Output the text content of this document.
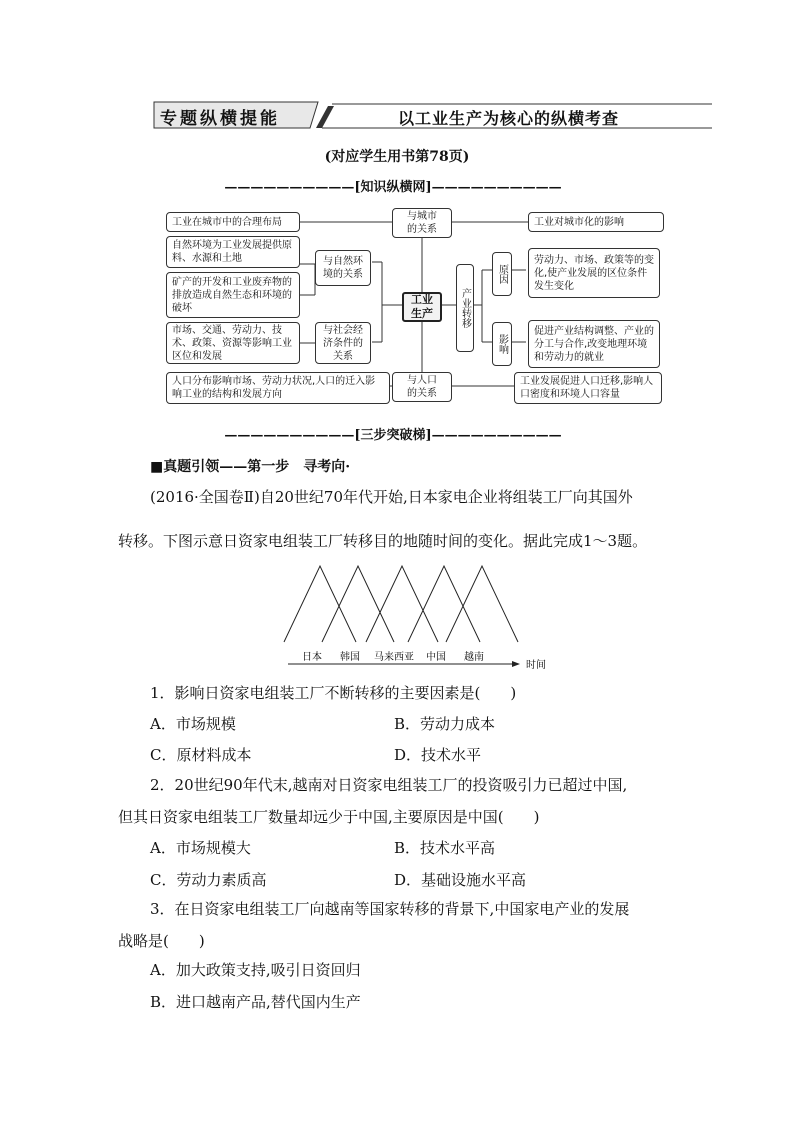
专题纵横提能	以工业生产为核心的纵横考查
(对应学生用书第78页)
——————————[知识纵横网]——————————
工业在城市中的合理布局	与城市
的关系
工业对城市化的影响
自然环境为工业发展提供原料、水源和土地
矿产的开发和工业废弃物的排放造成自然生态和环境的破坏
与自然环
境的关系
工业
生产
市场、交通、劳动力、技术、政策、资源等影响工业区位和发展
与社会经
济条件的
关系
产业转移
原因
劳动力、市场、政策等的变化,使产业发展的区位条件发生变化
影响
促进产业结构调整、产业的分工与合作,改变地理环境和劳动力的就业
人口分布影响市场、劳动力状况,人口的迁入影响工业的结构和发展方向
与人口
的关系
工业发展促进人口迁移,影响人口密度和环境人口容量
——————————[三步突破梯]——————————
■真题引领——第一步　寻考向·
(2016·全国卷Ⅱ)自20世纪70年代开始,日本家电企业将组装工厂向其国外
转移。下图示意日资家电组装工厂转移目的地随时间的变化。据此完成1～3题。
日本 韩国 马来西亚 中国 越南
时间
1．影响日资家电组装工厂不断转移的主要因素是(　　)
A．市场规模	B．劳动力成本
C．原材料成本	D．技术水平
2．20世纪90年代末,越南对日资家电组装工厂的投资吸引力已超过中国,
但其日资家电组装工厂数量却远少于中国,主要原因是中国(　　)
A．市场规模大	B．技术水平高
C．劳动力素质高	D．基础设施水平高
3．在日资家电组装工厂向越南等国家转移的背景下,中国家电产业的发展
战略是(　　)
A．加大政策支持,吸引日资回归
B．进口越南产品,替代国内生产
